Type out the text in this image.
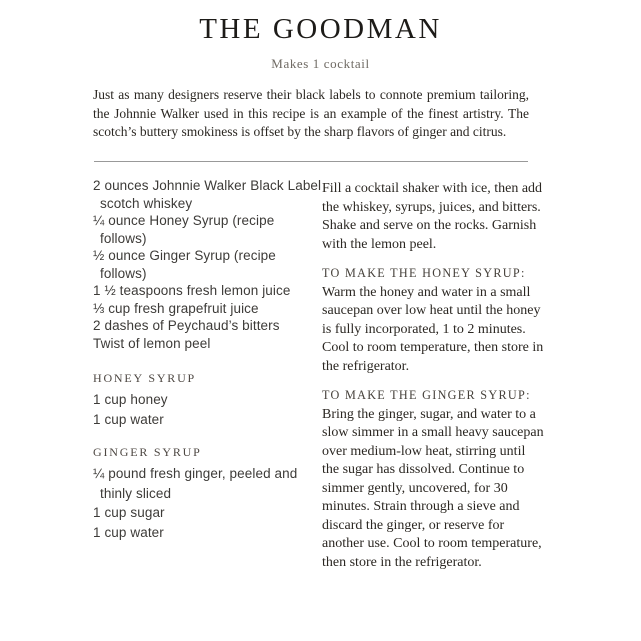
THE GOODMAN
Makes 1 cocktail

Just as many designers reserve their black labels to connote premium tailoring, the Johnnie Walker used in this recipe is an example of the finest artistry. The scotch’s buttery smokiness is offset by the sharp flavors of ginger and citrus.

2 ounces Johnnie Walker Black Label scotch whiskey
¼ ounce Honey Syrup (recipe follows)
½ ounce Ginger Syrup (recipe follows)
1 ½ teaspoons fresh lemon juice
⅓ cup fresh grapefruit juice
2 dashes of Peychaud’s bitters
Twist of lemon peel
HONEY SYRUP
1 cup honey
1 cup water
GINGER SYRUP
¼ pound fresh ginger, peeled and thinly sliced
1 cup sugar
1 cup water

Fill a cocktail shaker with ice, then add the whiskey, syrups, juices, and bitters. Shake and serve on the rocks. Garnish with the lemon peel.

TO MAKE THE HONEY SYRUP: Warm the honey and water in a small saucepan over low heat until the honey is fully incorporated, 1 to 2 minutes. Cool to room temperature, then store in the refrigerator.

TO MAKE THE GINGER SYRUP: Bring the ginger, sugar, and water to a slow simmer in a small heavy saucepan over medium-low heat, stirring until the sugar has dissolved. Continue to simmer gently, uncovered, for 30 minutes. Strain through a sieve and discard the ginger, or reserve for another use. Cool to room temperature, then store in the refrigerator.
